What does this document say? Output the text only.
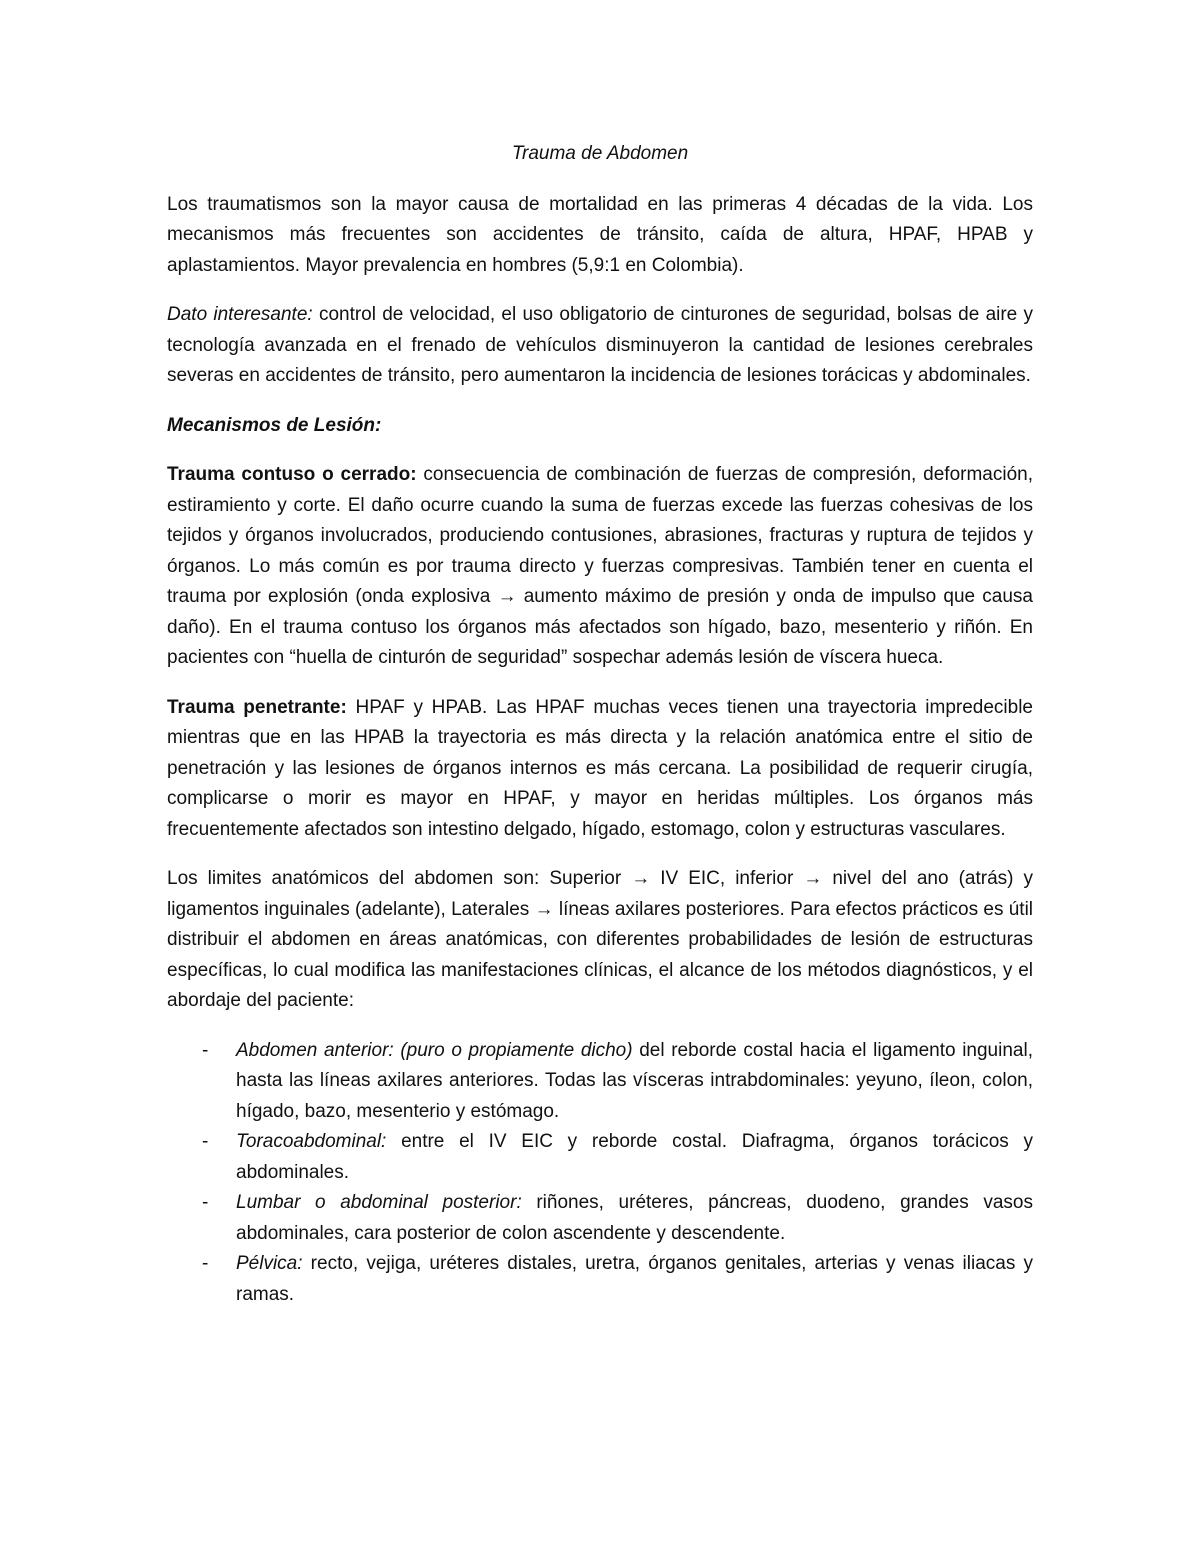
Trauma de Abdomen

Los traumatismos son la mayor causa de mortalidad en las primeras 4 décadas de la vida. Los mecanismos más frecuentes son accidentes de tránsito, caída de altura, HPAF, HPAB y aplastamientos. Mayor prevalencia en hombres (5,9:1 en Colombia).

Dato interesante: control de velocidad, el uso obligatorio de cinturones de seguridad, bolsas de aire y tecnología avanzada en el frenado de vehículos disminuyeron la cantidad de lesiones cerebrales severas en accidentes de tránsito, pero aumentaron la incidencia de lesiones torácicas y abdominales.

Mecanismos de Lesión:

Trauma contuso o cerrado: consecuencia de combinación de fuerzas de compresión, deformación, estiramiento y corte. El daño ocurre cuando la suma de fuerzas excede las fuerzas cohesivas de los tejidos y órganos involucrados, produciendo contusiones, abrasiones, fracturas y ruptura de tejidos y órganos. Lo más común es por trauma directo y fuerzas compresivas. También tener en cuenta el trauma por explosión (onda explosiva → aumento máximo de presión y onda de impulso que causa daño). En el trauma contuso los órganos más afectados son hígado, bazo, mesenterio y riñón. En pacientes con “huella de cinturón de seguridad” sospechar además lesión de víscera hueca.

Trauma penetrante: HPAF y HPAB. Las HPAF muchas veces tienen una trayectoria impredecible mientras que en las HPAB la trayectoria es más directa y la relación anatómica entre el sitio de penetración y las lesiones de órganos internos es más cercana. La posibilidad de requerir cirugía, complicarse o morir es mayor en HPAF, y mayor en heridas múltiples. Los órganos más frecuentemente afectados son intestino delgado, hígado, estomago, colon y estructuras vasculares.

Los limites anatómicos del abdomen son: Superior → IV EIC, inferior → nivel del ano (atrás) y ligamentos inguinales (adelante), Laterales → líneas axilares posteriores. Para efectos prácticos es útil distribuir el abdomen en áreas anatómicas, con diferentes probabilidades de lesión de estructuras específicas, lo cual modifica las manifestaciones clínicas, el alcance de los métodos diagnósticos, y el abordaje del paciente:

- Abdomen anterior: (puro o propiamente dicho) del reborde costal hacia el ligamento inguinal, hasta las líneas axilares anteriores. Todas las vísceras intrabdominales: yeyuno, íleon, colon, hígado, bazo, mesenterio y estómago.
- Toracoabdominal: entre el IV EIC y reborde costal. Diafragma, órganos torácicos y abdominales.
- Lumbar o abdominal posterior: riñones, uréteres, páncreas, duodeno, grandes vasos abdominales, cara posterior de colon ascendente y descendente.
- Pélvica: recto, vejiga, uréteres distales, uretra, órganos genitales, arterias y venas iliacas y ramas.
